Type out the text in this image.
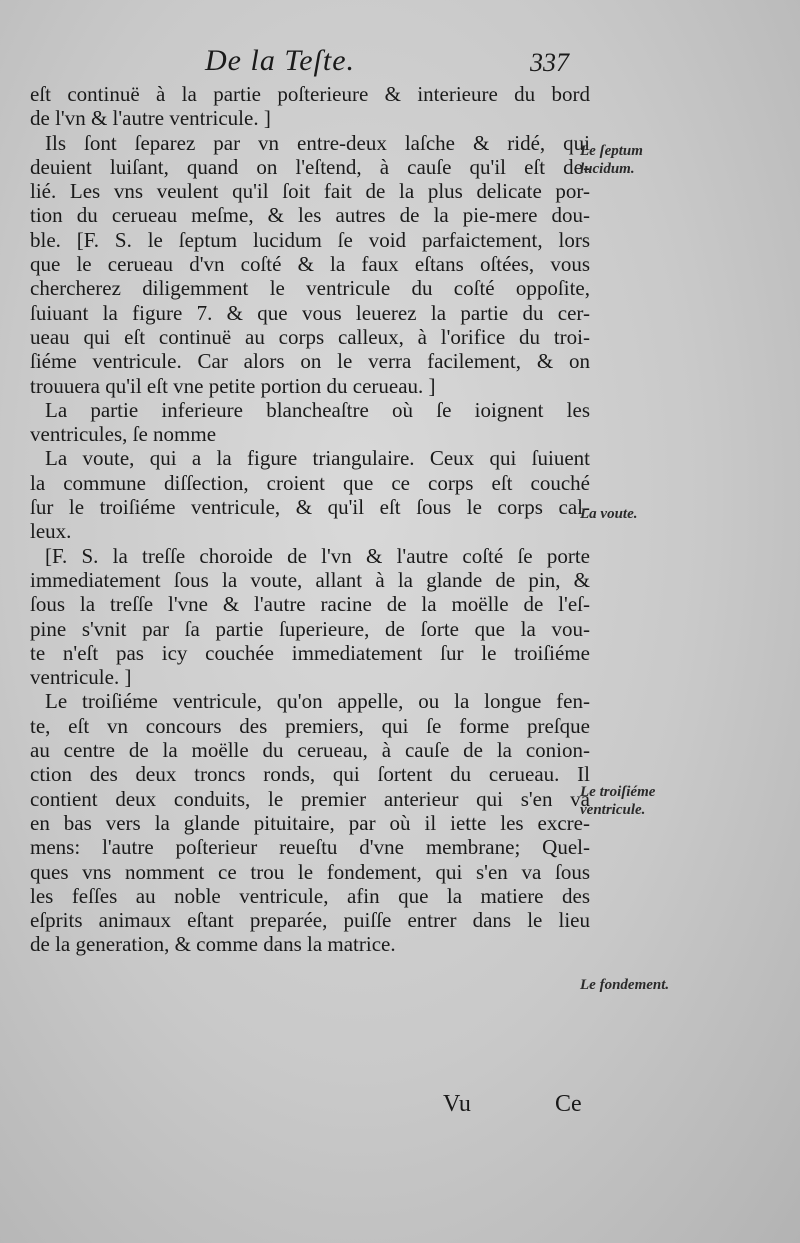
De la Teſte.	337
eſt continuë à la partie poſterieure & interieure du bord
de l'vn & l'autre ventricule. ]
Ils ſont ſeparez par vn entre-deux laſche & ridé, qui
deuient luiſant, quand on l'eſtend, à cauſe qu'il eſt de-
lié. Les vns veulent qu'il ſoit fait de la plus delicate por-
tion du cerueau meſme, & les autres de la pie-mere dou-
ble. [F. S. le ſeptum lucidum ſe void parfaictement, lors
que le cerueau d'vn coſté & la faux eſtans oſtées, vous
chercherez diligemment le ventricule du coſté oppoſite,
ſuiuant la figure 7. & que vous leuerez la partie du cer-
ueau qui eſt continuë au corps calleux, à l'orifice du troi-
ſiéme ventricule. Car alors on le verra facilement, & on
trouuera qu'il eſt vne petite portion du cerueau. ]
La partie inferieure blancheaſtre où ſe ioignent les
ventricules, ſe nomme
La voute, qui a la figure triangulaire. Ceux qui ſuiuent
la commune diſſection, croient que ce corps eſt couché
ſur le troiſiéme ventricule, & qu'il eſt ſous le corps cal-
leux.
[F. S. la treſſe choroide de l'vn & l'autre coſté ſe porte
immediatement ſous la voute, allant à la glande de pin, &
ſous la treſſe l'vne & l'autre racine de la moëlle de l'eſ-
pine s'vnit par ſa partie ſuperieure, de ſorte que la vou-
te n'eſt pas icy couchée immediatement ſur le troiſiéme
ventricule. ]
Le troiſiéme ventricule, qu'on appelle, ou la longue fen-
te, eſt vn concours des premiers, qui ſe forme preſque
au centre de la moëlle du cerueau, à cauſe de la conion-
ction des deux troncs ronds, qui ſortent du cerueau. Il
contient deux conduits, le premier anterieur qui s'en va
en bas vers la glande pituitaire, par où il iette les excre-
mens: l'autre poſterieur reueſtu d'vne membrane; Quel-
ques vns nomment ce trou le fondement, qui s'en va ſous
les feſſes au noble ventricule, afin que la matiere des
eſprits animaux eſtant preparée, puiſſe entrer dans le lieu
de la generation, & comme dans la matrice.
Le ſeptum lucidum.
La voute.
Le troiſiéme ventricule.
Le fondement.
Vu	Ce
